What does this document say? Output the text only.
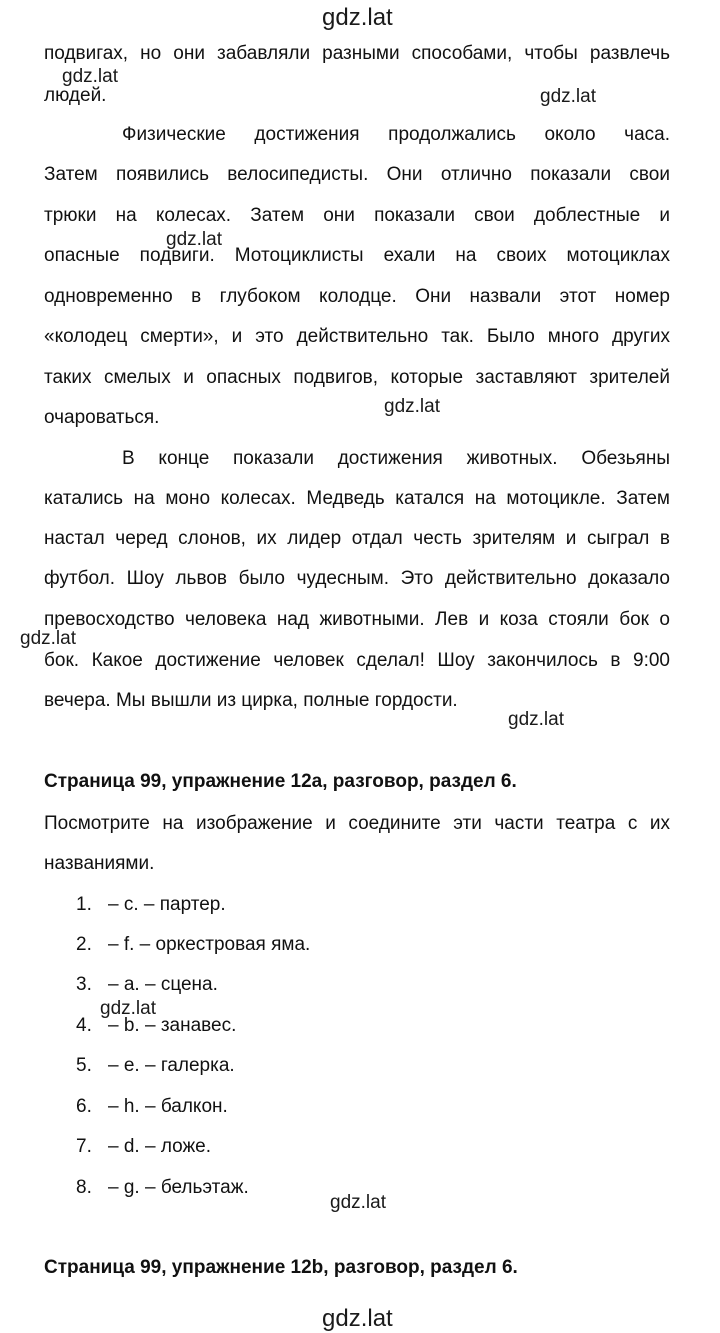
gdz.lat
gdz.lat
gdz.lat
gdz.lat
gdz.lat
gdz.lat
gdz.lat
gdz.lat
gdz.lat
gdz.lat
подвигах, но они забавляли разными способами, чтобы развлечь
людей.
Физические достижения продолжались около часа.
Затем появились велосипедисты. Они отлично показали свои
трюки на колесах. Затем они показали свои доблестные и
опасные подвиги. Мотоциклисты ехали на своих мотоциклах
одновременно в глубоком колодце. Они назвали этот номер
«колодец смерти», и это действительно так. Было много других
таких смелых и опасных подвигов, которые заставляют зрителей
очароваться.
В конце показали достижения животных. Обезьяны
катались на моно колесах. Медведь катался на мотоцикле. Затем
настал черед слонов, их лидер отдал честь зрителям и сыграл в
футбол. Шоу львов было чудесным. Это действительно доказало
превосходство человека над животными. Лев и коза стояли бок о
бок. Какое достижение человек сделал! Шоу закончилось в 9:00
вечера. Мы вышли из цирка, полные гордости.
Страница 99, упражнение 12a, разговор, раздел 6.
Посмотрите на изображение и соедините эти части театра с их
названиями.
1. – c. – партер.
2. – f. – оркестровая яма.
3. – a. – сцена.
4. – b. – занавес.
5. – e. – галерка.
6. – h. – балкон.
7. – d. – ложе.
8. – g. – бельэтаж.
Страница 99, упражнение 12b, разговор, раздел 6.
